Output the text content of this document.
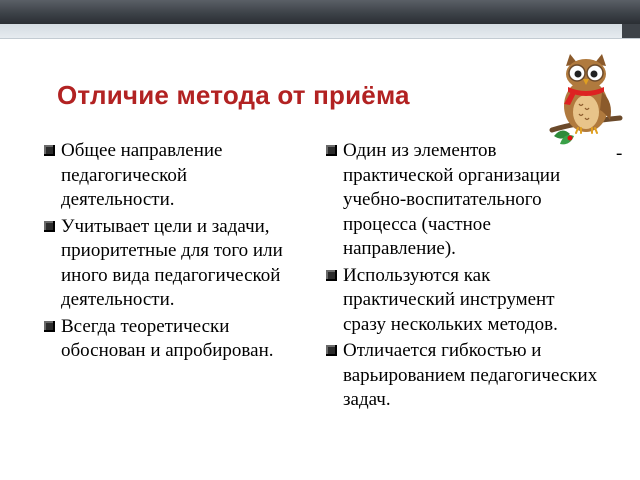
Отличие метода от приёма
Общее направление педагогической деятельности.
Учитывает цели и задачи, приоритетные для того или иного вида педагогической деятельности.
Всегда теоретически обоснован и апробирован.
Один из элементов практической организации учебно-воспитательного процесса (частное направление).
Используются как практический инструмент сразу нескольких методов.
Отличается гибкостью и варьированием педагогических задач.
-
